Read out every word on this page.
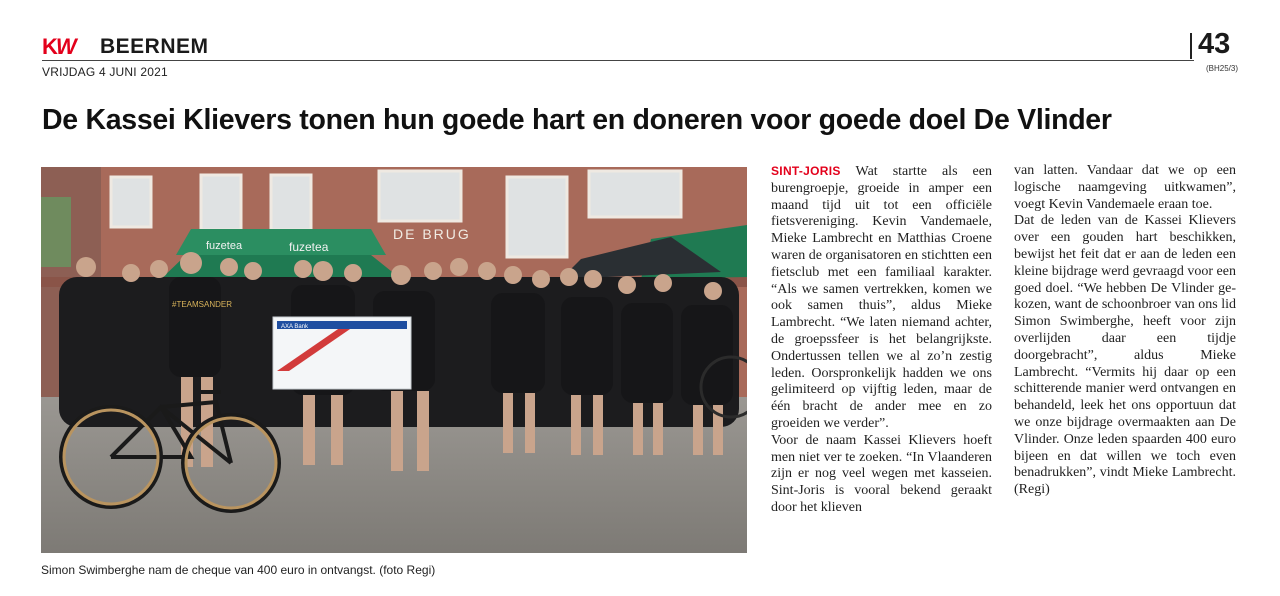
K W BEERNEM
VRIJDAG 4 JUNI 2021
43
(BH25/3)
De Kassei Klievers tonen hun goede hart en doneren voor goede doel De Vlinder
DE BRUG
fuzetea	fuzetea
#TEAMSANDER
AXA Bank
Simon Swimberghe nam de cheque van 400 euro in ontvangst. (foto Regi)

SINT-JORIS Wat startte als een burengroepje, groeide in amper een maand tijd uit tot een officiële fietsvereniging. Kevin Vandemaele, Mieke Lambrecht en Matthias Croene waren de organisatoren en stichtten een fietsclub met een familiaal karakter. “Als we samen vertrekken, komen we ook samen thuis”, aldus Mieke Lambrecht. “We laten niemand achter, de groepssfeer is het belangrijkste. Ondertussen tellen we al zo’n zestig leden. Oorspronkelijk hadden we ons gelimiteerd op vijftig leden, maar de één bracht de ander mee en zo groeiden we verder”.

Voor de naam Kassei Klievers hoeft men niet ver te zoeken. “In Vlaanderen zijn er nog veel wegen met kasseien. Sint-Joris is vooral bekend geraakt door het klieven

van latten. Vandaar dat we op een logische naamgeving uitkwamen”, voegt Kevin Vandemaele eraan toe.

Dat de leden van de Kassei Klievers over een gouden hart beschikken, bewijst het feit dat er aan de leden een kleine bijdrage werd gevraagd voor een goed doel. “We hebben De Vlinder gekozen, want de schoonbroer van ons lid Simon Swimberghe, heeft voor zijn overlijden daar een tijdje doorgebracht”, aldus Mieke Lambrecht. “Vermits hij daar op een schitterende manier werd ontvangen en behandeld, leek het ons opportuun dat we onze bijdrage overmaakten aan De Vlinder. Onze leden spaarden 400 euro bijeen en dat willen we toch even benadrukken”, vindt Mieke Lambrecht. (Regi)
